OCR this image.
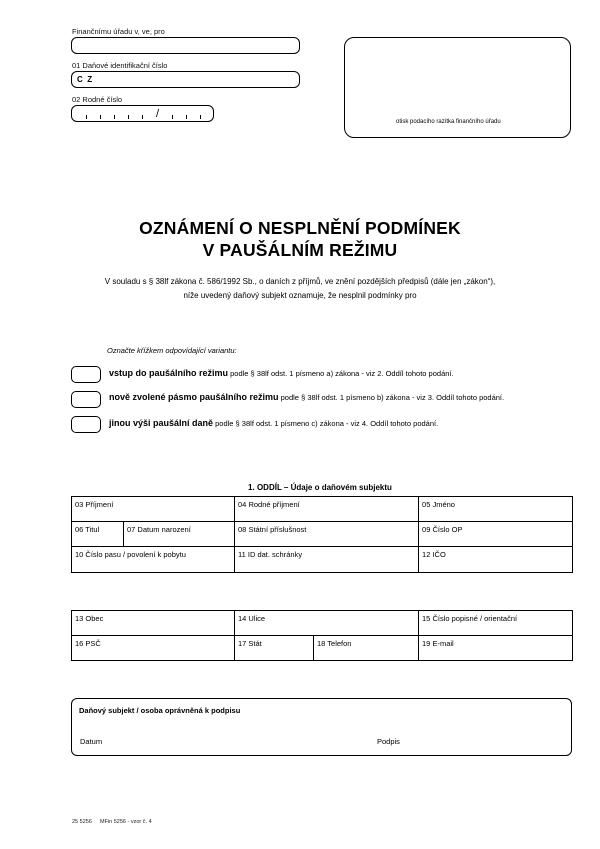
Finančnímu úřadu v, ve, pro
01 Daňové identifikační číslo
C  Z
02 Rodné číslo
/
otisk podacího razítka finančního úřadu
OZNÁMENÍ O NESPLNĚNÍ PODMÍNEK
V PAUŠÁLNÍM REŽIMU
V souladu s § 38lf zákona č. 586/1992 Sb., o daních z příjmů, ve znění pozdějších předpisů (dále jen „zákon“),
níže uvedený daňový subjekt oznamuje, že nesplnil podmínky pro
Označte křížkem odpovídající variantu:
vstup do paušálního režimu podle § 38lf odst. 1 písmeno a) zákona - viz 2. Oddíl tohoto podání.
nově zvolené pásmo paušálního režimu podle § 38lf odst. 1 písmeno b) zákona - viz 3. Oddíl tohoto podání.
jinou výši paušální daně podle § 38lf odst. 1 písmeno c) zákona - viz 4. Oddíl tohoto podání.
1. ODDÍL – Údaje o daňovém subjektu
03 Příjmení		04 Rodné příjmení	05 Jméno
06 Titul	07 Datum narození	08 Státní příslušnost	09 Číslo OP
10 Číslo pasu / povolení k pobytu		11 ID dat. schránky	12 IČO
13 Obec	14 Ulice		15 Číslo popisné / orientační
16 PSČ	17 Stát	18 Telefon	19 E-mail
Daňový subjekt / osoba oprávněná k podpisu
Datum	Podpis
25 5256 MFin 5256 - vzor č. 4
